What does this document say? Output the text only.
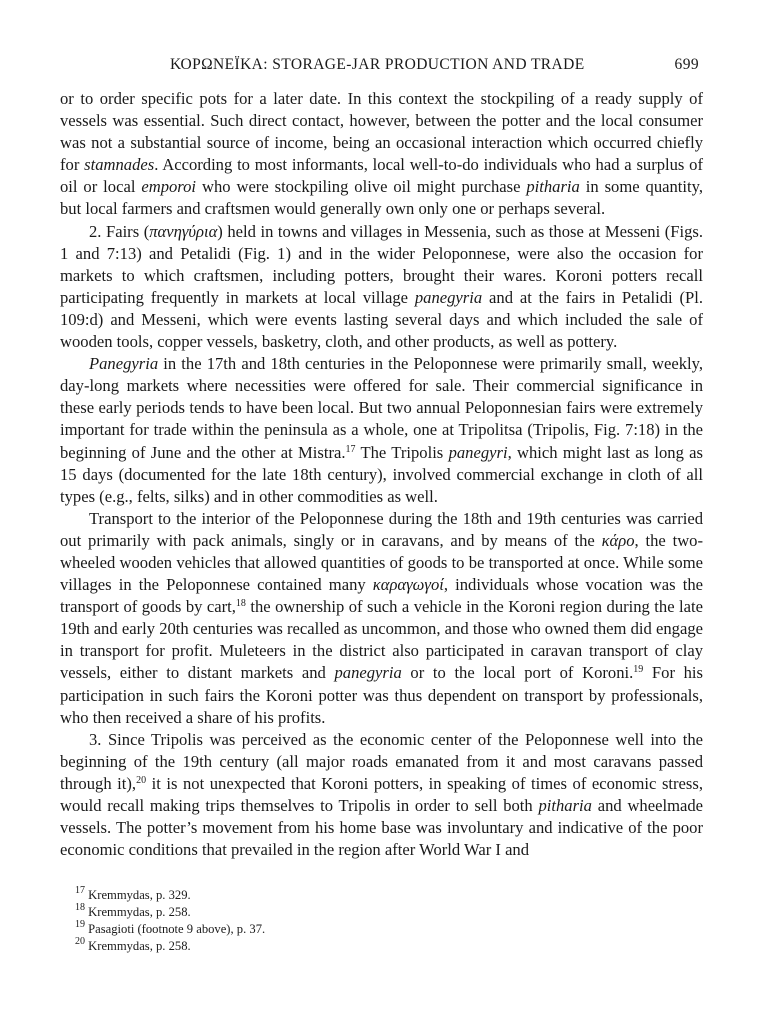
ΚΟΡΩΝΕΪΚΑ: STORAGE-JAR PRODUCTION AND TRADE	699

or to order specific pots for a later date. In this context the stockpiling of a ready supply of vessels was essential. Such direct contact, however, between the potter and the local consumer was not a substantial source of income, being an occasional interaction which occurred chiefly for stamnades. According to most informants, local well-to-do individuals who had a surplus of oil or local emporoi who were stockpiling olive oil might purchase pitharia in some quantity, but local farmers and craftsmen would generally own only one or perhaps several.

2. Fairs (πανηγύρια) held in towns and villages in Messenia, such as those at Messeni (Figs. 1 and 7:13) and Petalidi (Fig. 1) and in the wider Peloponnese, were also the occasion for markets to which craftsmen, including potters, brought their wares. Koroni potters recall participating frequently in markets at local village panegyria and at the fairs in Petalidi (Pl. 109:d) and Messeni, which were events lasting several days and which included the sale of wooden tools, copper vessels, basketry, cloth, and other products, as well as pottery.

Panegyria in the 17th and 18th centuries in the Peloponnese were primarily small, weekly, day-long markets where necessities were offered for sale. Their commercial significance in these early periods tends to have been local. But two annual Peloponnesian fairs were extremely important for trade within the peninsula as a whole, one at Tripolitsa (Tripolis, Fig. 7:18) in the beginning of June and the other at Mistra.$^{17}$ The Tripolis panegyri, which might last as long as 15 days (documented for the late 18th century), involved commercial exchange in cloth of all types (e.g., felts, silks) and in other commodities as well.

Transport to the interior of the Peloponnese during the 18th and 19th centuries was carried out primarily with pack animals, singly or in caravans, and by means of the κάρο, the two-wheeled wooden vehicles that allowed quantities of goods to be transported at once. While some villages in the Peloponnese contained many καραγωγοί, individuals whose vocation was the transport of goods by cart,$^{18}$ the ownership of such a vehicle in the Koroni region during the late 19th and early 20th centuries was recalled as uncommon, and those who owned them did engage in transport for profit. Muleteers in the district also participated in caravan transport of clay vessels, either to distant markets and panegyria or to the local port of Koroni.$^{19}$ For his participation in such fairs the Koroni potter was thus dependent on transport by professionals, who then received a share of his profits.

3. Since Tripolis was perceived as the economic center of the Peloponnese well into the beginning of the 19th century (all major roads emanated from it and most caravans passed through it),$^{20}$ it is not unexpected that Koroni potters, in speaking of times of economic stress, would recall making trips themselves to Tripolis in order to sell both pitharia and wheelmade vessels. The potter’s movement from his home base was involuntary and indicative of the poor economic conditions that prevailed in the region after World War I and

$^{17}$ Kremmydas, p. 329.
$^{18}$ Kremmydas, p. 258.
$^{19}$ Pasagioti (footnote 9 above), p. 37.
$^{20}$ Kremmydas, p. 258.
